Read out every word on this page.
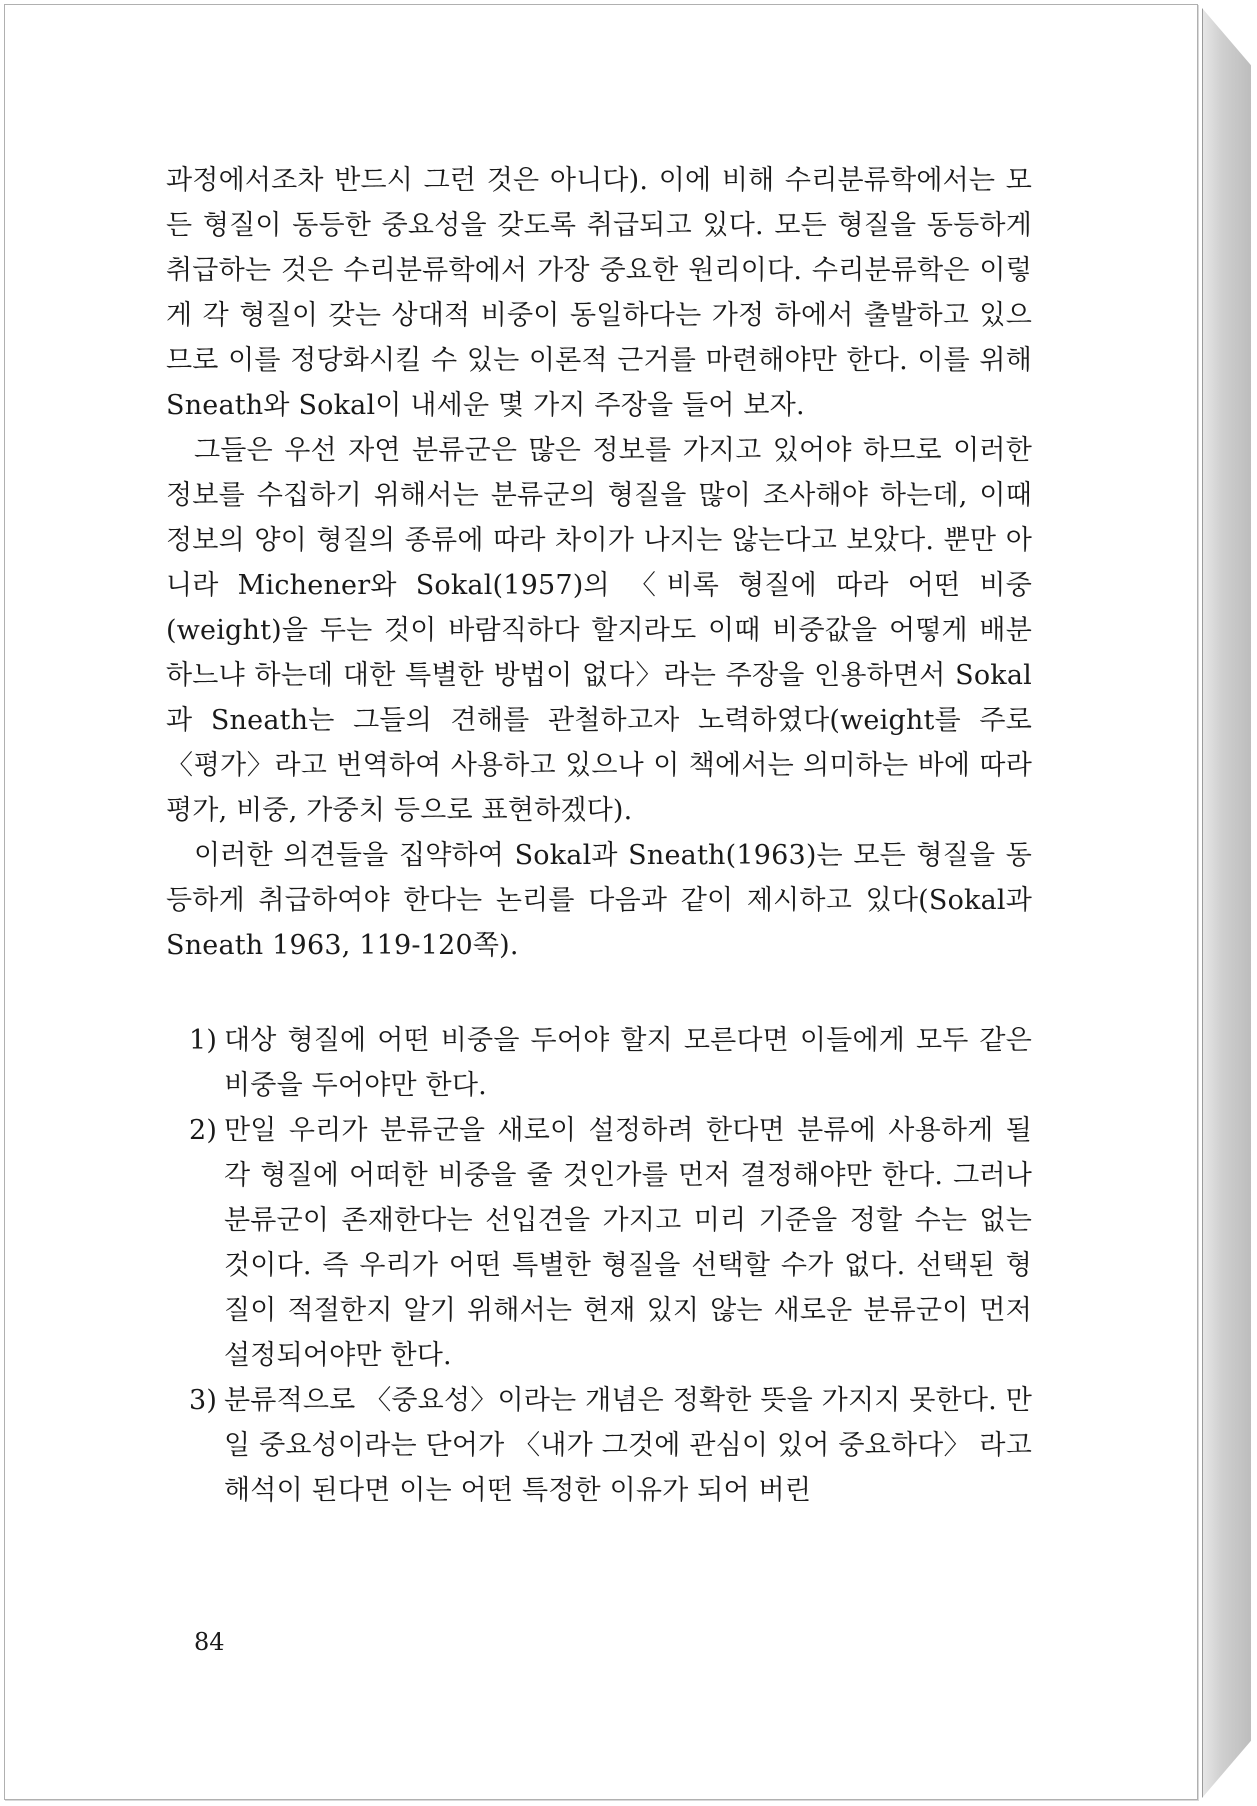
과정에서조차 반드시 그런 것은 아니다). 이에 비해 수리분류학에서는 모든 형질이 동등한 중요성을 갖도록 취급되고 있다. 모든 형질을 동등하게 취급하는 것은 수리분류학에서 가장 중요한 원리이다. 수리분류학은 이렇게 각 형질이 갖는 상대적 비중이 동일하다는 가정 하에서 출발하고 있으므로 이를 정당화시킬 수 있는 이론적 근거를 마련해야만 한다. 이를 위해 Sneath와 Sokal이 내세운 몇 가지 주장을 들어 보자.

그들은 우선 자연 분류군은 많은 정보를 가지고 있어야 하므로 이러한 정보를 수집하기 위해서는 분류군의 형질을 많이 조사해야 하는데, 이때 정보의 양이 형질의 종류에 따라 차이가 나지는 않는다고 보았다. 뿐만 아니라 Michener와 Sokal(1957)의 〈비록 형질에 따라 어떤 비중(weight)을 두는 것이 바람직하다 할지라도 이때 비중값을 어떻게 배분하느냐 하는데 대한 특별한 방법이 없다〉라는 주장을 인용하면서 Sokal과 Sneath는 그들의 견해를 관철하고자 노력하였다(weight를 주로 〈평가〉라고 번역하여 사용하고 있으나 이 책에서는 의미하는 바에 따라 평가, 비중, 가중치 등으로 표현하겠다).

이러한 의견들을 집약하여 Sokal과 Sneath(1963)는 모든 형질을 동등하게 취급하여야 한다는 논리를 다음과 같이 제시하고 있다(Sokal과 Sneath 1963, 119-120쪽).

1) 대상 형질에 어떤 비중을 두어야 할지 모른다면 이들에게 모두 같은 비중을 두어야만 한다.
2) 만일 우리가 분류군을 새로이 설정하려 한다면 분류에 사용하게 될 각 형질에 어떠한 비중을 줄 것인가를 먼저 결정해야만 한다. 그러나 분류군이 존재한다는 선입견을 가지고 미리 기준을 정할 수는 없는 것이다. 즉 우리가 어떤 특별한 형질을 선택할 수가 없다. 선택된 형질이 적절한지 알기 위해서는 현재 있지 않는 새로운 분류군이 먼저 설정되어야만 한다.
3) 분류적으로 〈중요성〉이라는 개념은 정확한 뜻을 가지지 못한다. 만일 중요성이라는 단어가 〈내가 그것에 관심이 있어 중요하다〉 라고 해석이 된다면 이는 어떤 특정한 이유가 되어 버린
84
